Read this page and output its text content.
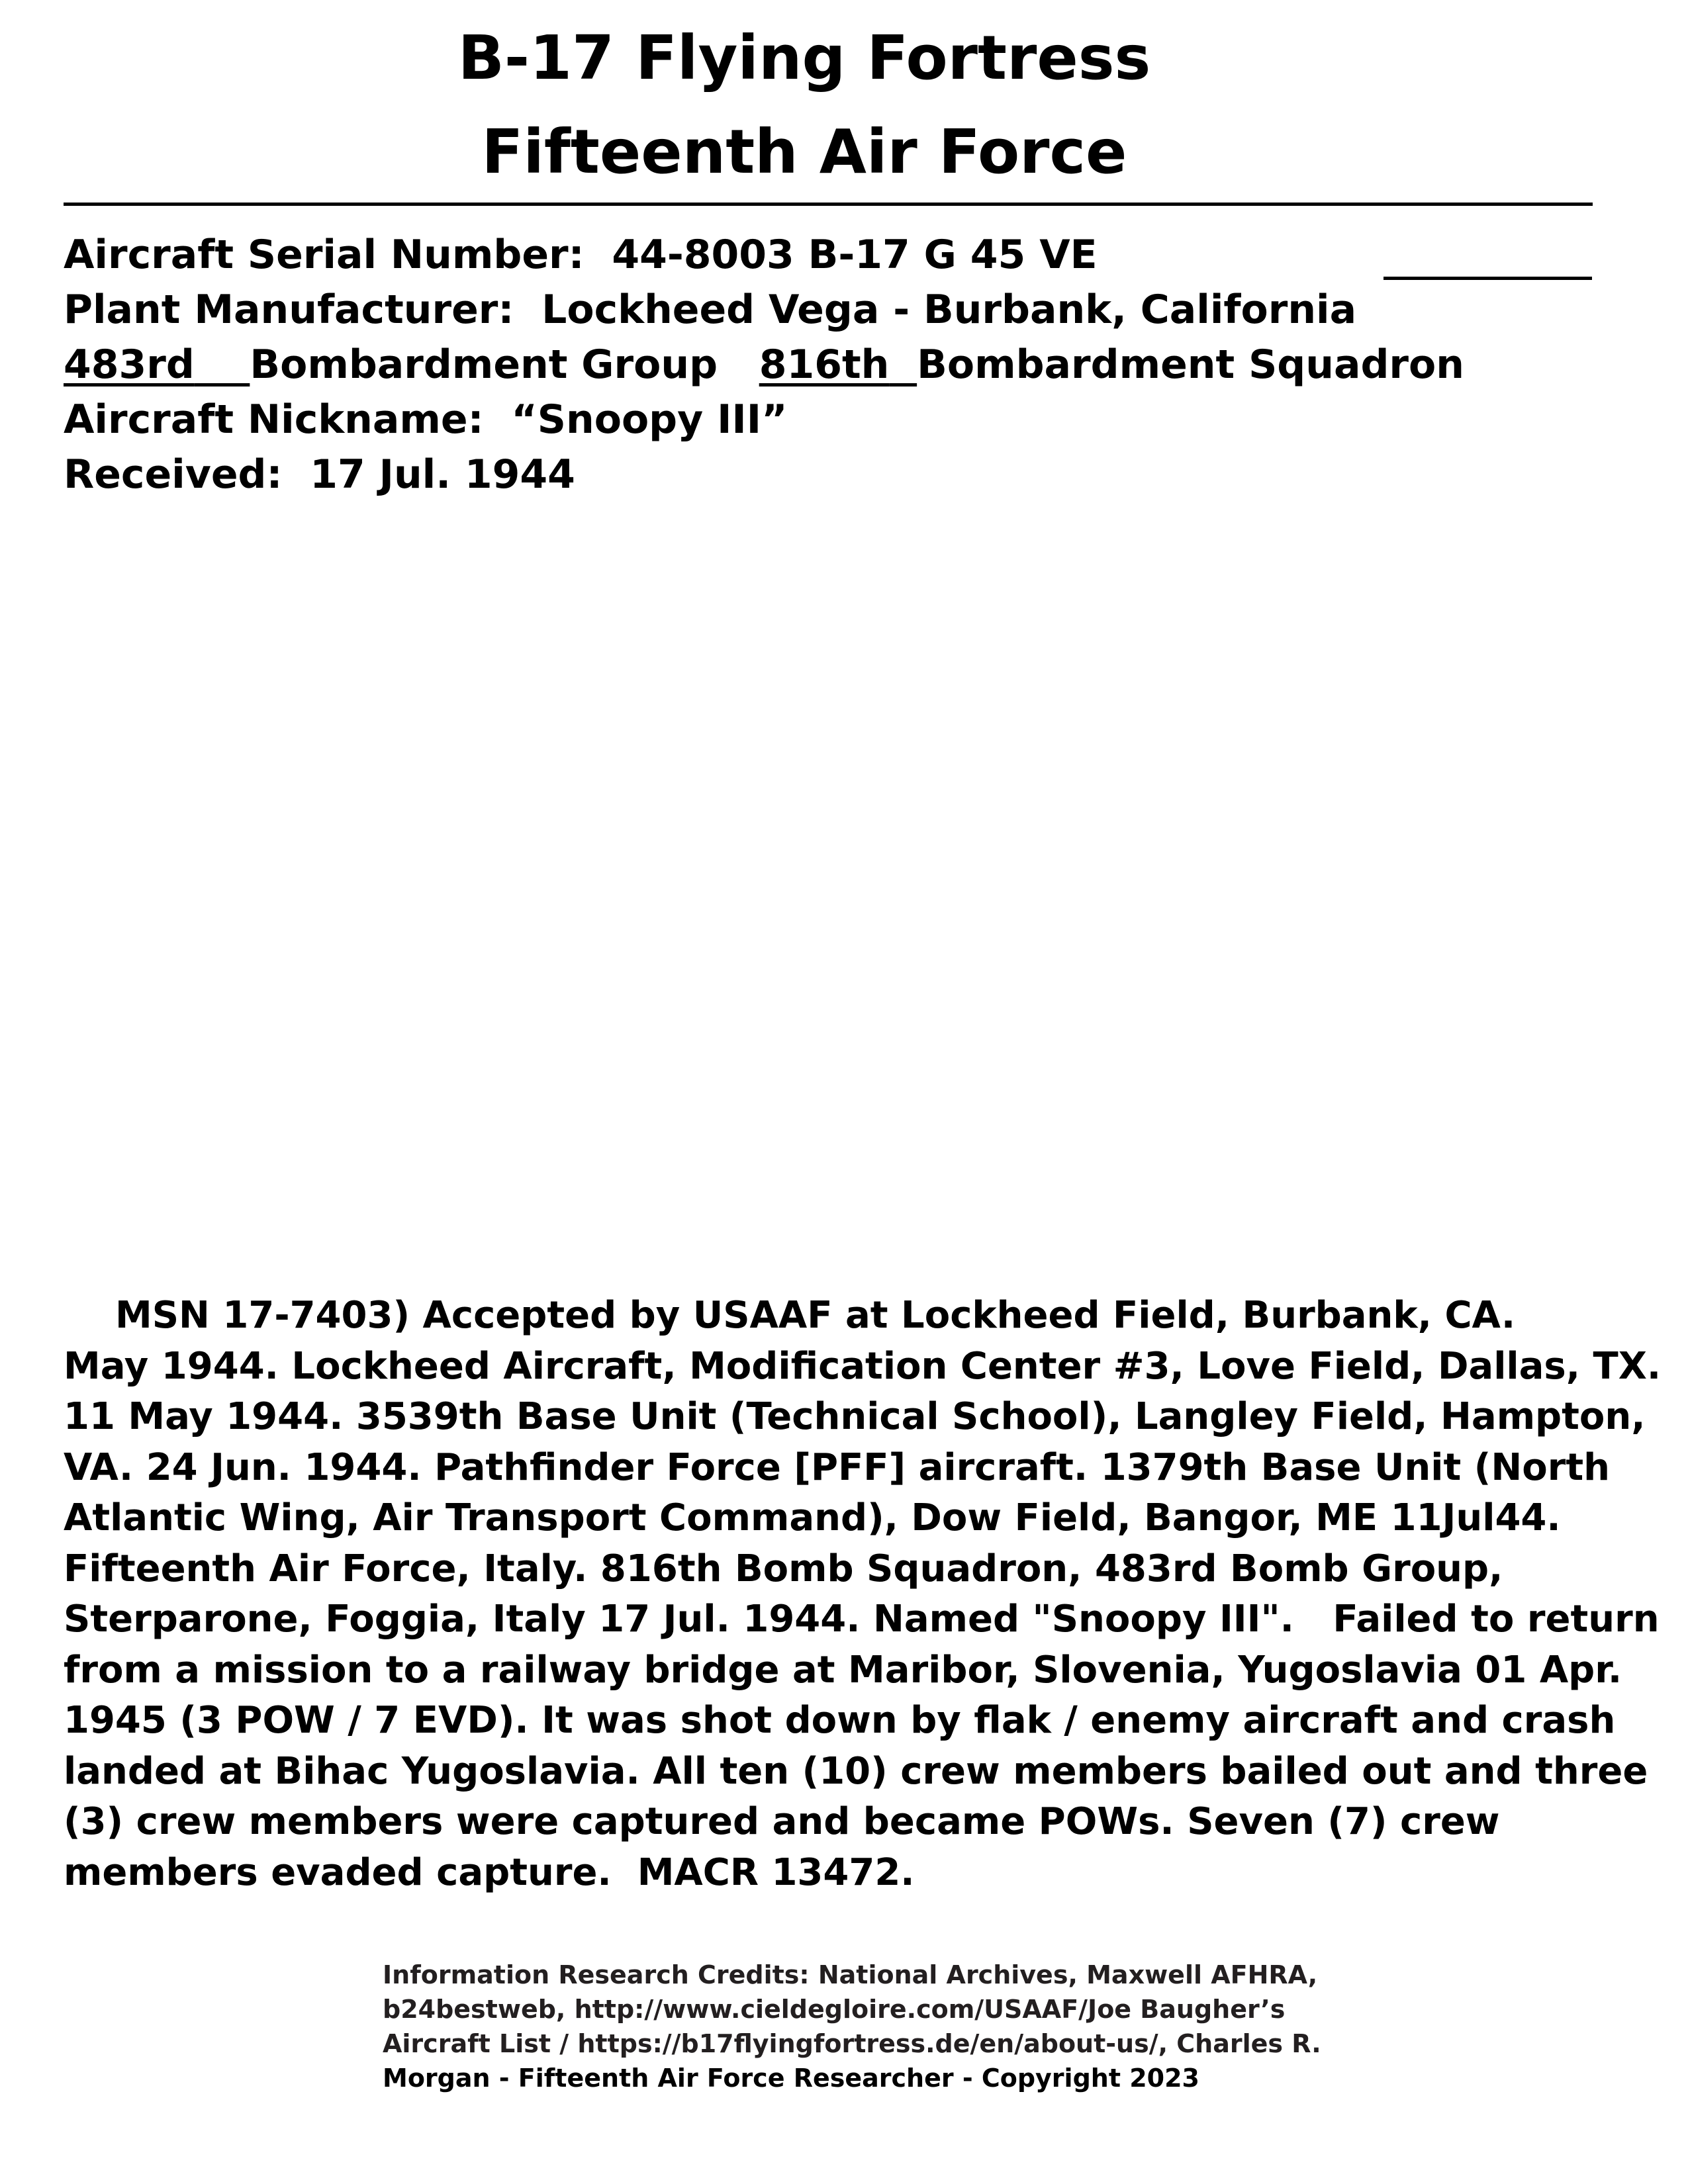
B-17 Flying Fortress
Fifteenth Air Force
Aircraft Serial Number: 44-8003 B-17 G 45 VE
Plant Manufacturer: Lockheed Vega - Burbank, California
483rd Bombardment Group 816th Bombardment Squadron
Aircraft Nickname: “Snoopy III”
Received: 17 Jul. 1944
MSN 17-7403) Accepted by USAAF at Lockheed Field, Burbank, CA.
May 1944. Lockheed Aircraft, Modification Center #3, Love Field, Dallas, TX.
11 May 1944. 3539th Base Unit (Technical School), Langley Field, Hampton,
VA. 24 Jun. 1944. Pathfinder Force [PFF] aircraft. 1379th Base Unit (North
Atlantic Wing, Air Transport Command), Dow Field, Bangor, ME 11Jul44.
Fifteenth Air Force, Italy. 816th Bomb Squadron, 483rd Bomb Group,
Sterparone, Foggia, Italy 17 Jul. 1944. Named "Snoopy III".   Failed to return
from a mission to a railway bridge at Maribor, Slovenia, Yugoslavia 01 Apr.
1945 (3 POW / 7 EVD). It was shot down by flak / enemy aircraft and crash
landed at Bihac Yugoslavia. All ten (10) crew members bailed out and three
(3) crew members were captured and became POWs. Seven (7) crew
members evaded capture.  MACR 13472.
Information Research Credits: National Archives, Maxwell AFHRA,
b24bestweb, http://www.cieldegloire.com/USAAF/Joe Baugher’s
Aircraft List / https://b17flyingfortress.de/en/about-us/, Charles R.
Morgan - Fifteenth Air Force Researcher - Copyright 2023
